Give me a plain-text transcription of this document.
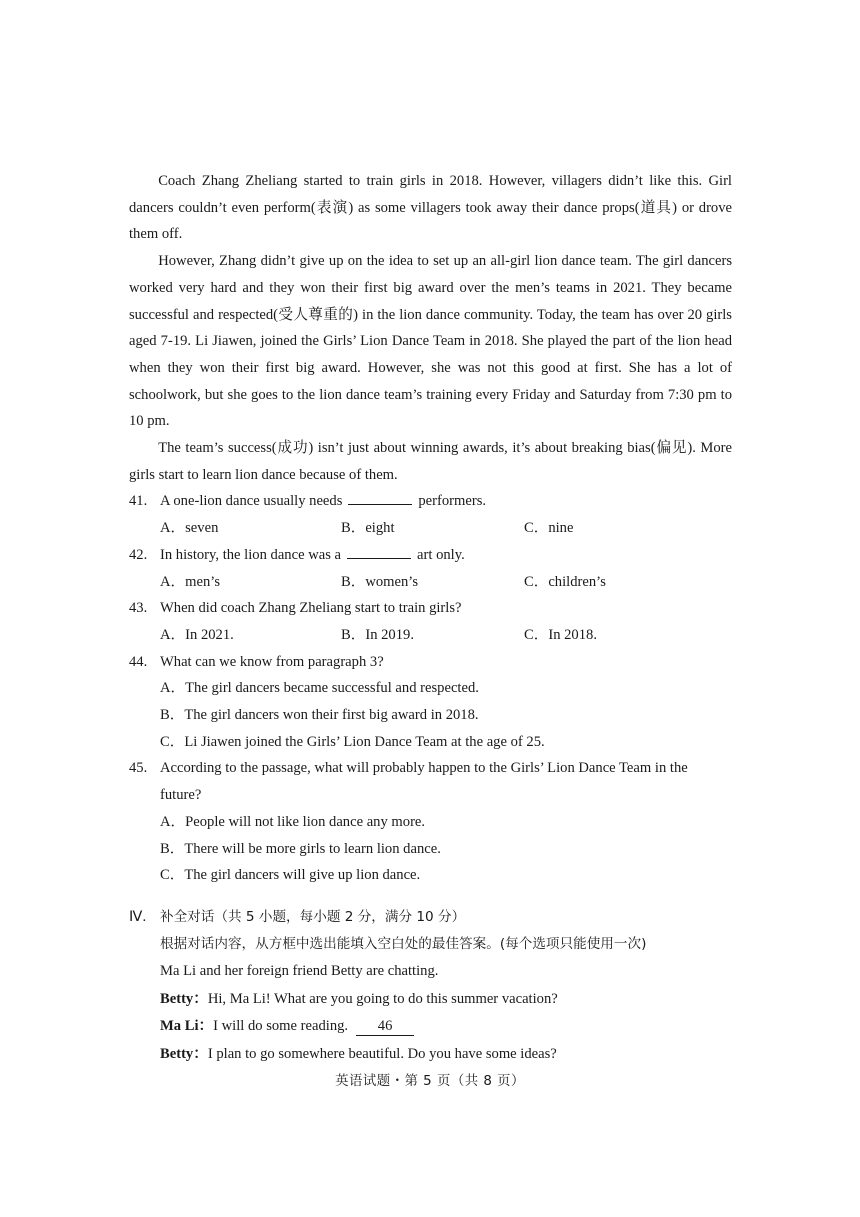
Coach Zhang Zheliang started to train girls in 2018. However, villagers didn’t like this. Girl dancers couldn’t even perform(表演) as some villagers took away their dance props(道具) or drove them off.

However, Zhang didn’t give up on the idea to set up an all-girl lion dance team. The girl dancers worked very hard and they won their first big award over the men’s teams in 2021. They became successful and respected(受人尊重的) in the lion dance community. Today, the team has over 20 girls aged 7-19. Li Jiawen, joined the Girls’ Lion Dance Team in 2018. She played the part of the lion head when they won their first big award. However, she was not this good at first. She has a lot of schoolwork, but she goes to the lion dance team’s training every Friday and Saturday from 7:30 pm to 10 pm.

The team’s success(成功) isn’t just about winning awards, it’s about breaking bias(偏见). More girls start to learn lion dance because of them.

41. A one-lion dance usually needs	performers.
A．seven	B．eight	C．nine
42. In history, the lion dance was a	art only.
A．men’s	B．women’s	C．children’s
43. When did coach Zhang Zheliang start to train girls?
A．In 2021.	B．In 2019.	C．In 2018.
44. What can we know from paragraph 3?
A．The girl dancers became successful and respected.
B．The girl dancers won their first big award in 2018.
C．Li Jiawen joined the Girls’ Lion Dance Team at the age of 25.
45. According to the passage, what will probably happen to the Girls’ Lion Dance Team in the future?
A．People will not like lion dance any more.
B．There will be more girls to learn lion dance.
C．The girl dancers will give up lion dance.
Ⅳ. 补全对话（共 5 小题，每小题 2 分，满分 10 分）
根据对话内容，从方框中选出能填入空白处的最佳答案。(每个选项只能使用一次)
Ma Li and her foreign friend Betty are chatting.
Betty：Hi, Ma Li! What are you going to do this summer vacation?
Ma Li：I will do some reading. 46
Betty：I plan to go somewhere beautiful. Do you have some ideas?
英语试题・第 5 页（共 8 页）
